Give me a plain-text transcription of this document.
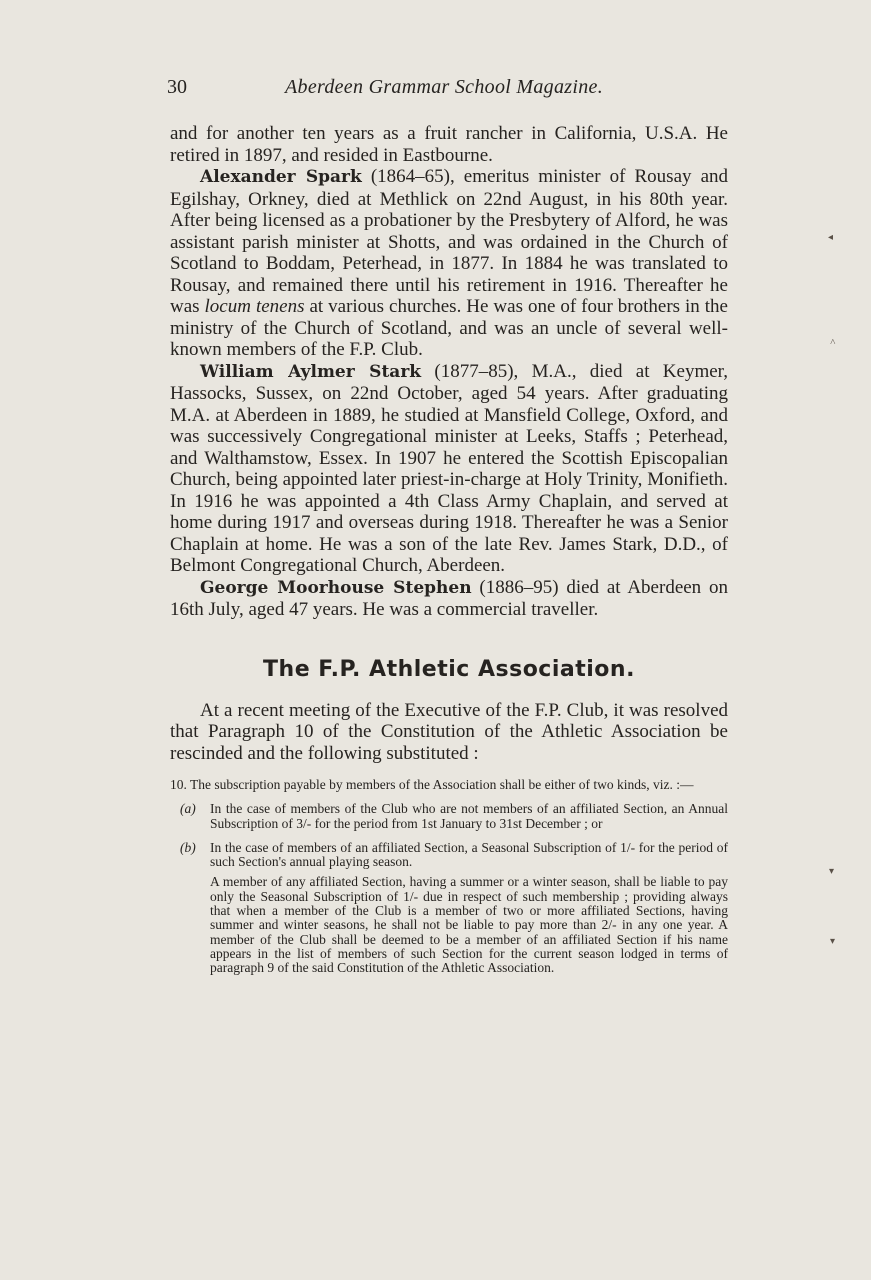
30	Aberdeen Grammar School Magazine.

and for another ten years as a fruit rancher in California, U.S.A. He retired in 1897, and resided in Eastbourne.

Alexander Spark (1864–65), emeritus minister of Rousay and Egilshay, Orkney, died at Methlick on 22nd August, in his 80th year. After being licensed as a probationer by the Presbytery of Alford, he was assistant parish minister at Shotts, and was ordained in the Church of Scotland to Boddam, Peterhead, in 1877. In 1884 he was translated to Rousay, and remained there until his retirement in 1916. Thereafter he was locum tenens at various churches. He was one of four brothers in the ministry of the Church of Scotland, and was an uncle of several well-known members of the F.P. Club.

William Aylmer Stark (1877–85), M.A., died at Keymer, Hassocks, Sussex, on 22nd October, aged 54 years. After graduating M.A. at Aberdeen in 1889, he studied at Mansfield College, Oxford, and was successively Congregational minister at Leeks, Staffs ; Peterhead, and Walthamstow, Essex. In 1907 he entered the Scottish Episcopalian Church, being appointed later priest-in-charge at Holy Trinity, Monifieth. In 1916 he was appointed a 4th Class Army Chaplain, and served at home during 1917 and overseas during 1918. Thereafter he was a Senior Chaplain at home. He was a son of the late Rev. James Stark, D.D., of Belmont Congregational Church, Aberdeen.

George Moorhouse Stephen (1886–95) died at Aberdeen on 16th July, aged 47 years. He was a commercial traveller.

The F.P. Athletic Association.

At a recent meeting of the Executive of the F.P. Club, it was resolved that Paragraph 10 of the Constitution of the Athletic Association be rescinded and the following substituted :

10. The subscription payable by members of the Association shall be either of two kinds, viz. :—

(a) In the case of members of the Club who are not members of an affiliated Section, an Annual Subscription of 3/- for the period from 1st January to 31st December ; or
(b) In the case of members of an affiliated Section, a Seasonal Subscription of 1/- for the period of such Section's annual playing season.
A member of any affiliated Section, having a summer or a winter season, shall be liable to pay only the Seasonal Subscription of 1/- due in respect of such membership ; providing always that when a member of the Club is a member of two or more affiliated Sections, having summer and winter seasons, he shall not be liable to pay more than 2/- in any one year. A member of the Club shall be deemed to be a member of an affiliated Section if his name appears in the list of members of such Section for the current season lodged in terms of paragraph 9 of the said Constitution of the Athletic Association.
◂
˄
▾
▾
